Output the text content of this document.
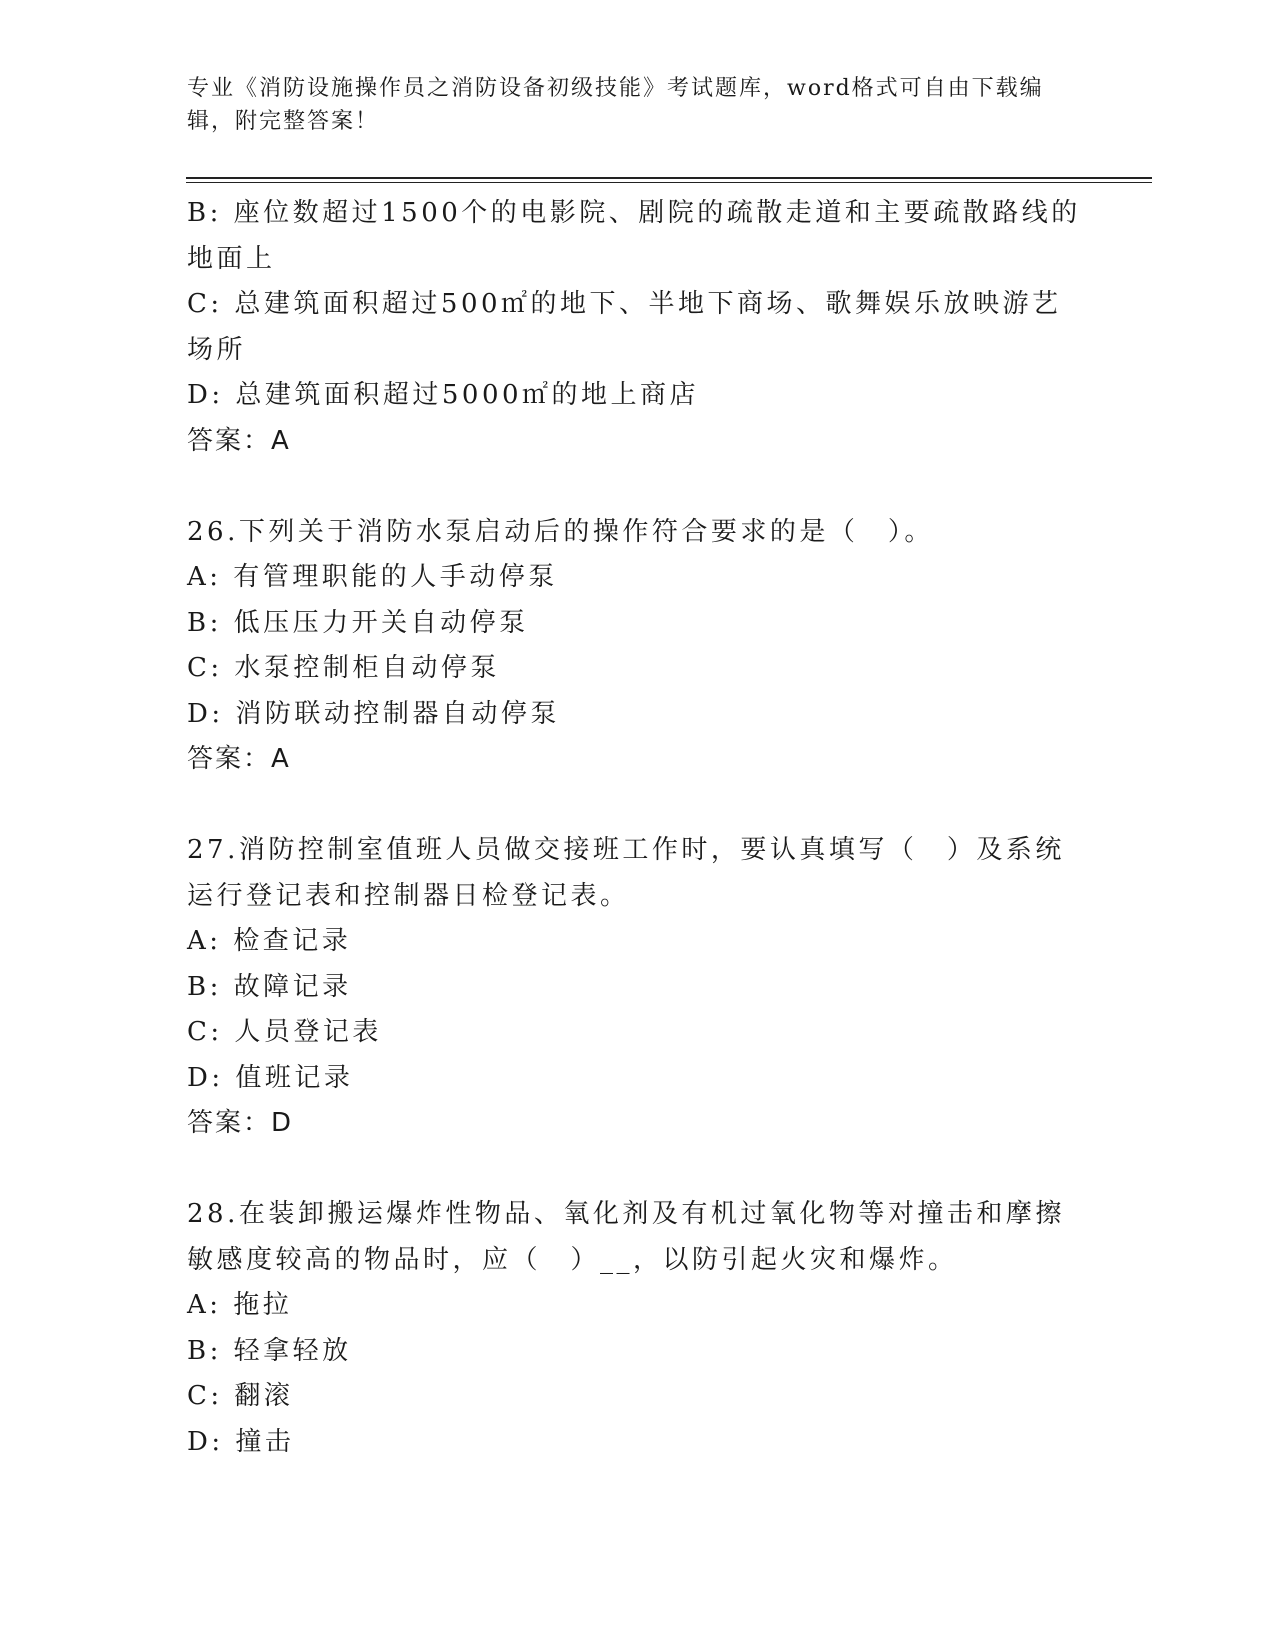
专业《消防设施操作员之消防设备初级技能》考试题库，word格式可自由下载编辑，附完整答案！
B: 座位数超过1500个的电影院、剧院的疏散走道和主要疏散路线的地面上
C: 总建筑面积超过500㎡的地下、半地下商场、歌舞娱乐放映游艺场所
D: 总建筑面积超过5000㎡的地上商店
答案：A
26.下列关于消防水泵启动后的操作符合要求的是（　）。
A: 有管理职能的人手动停泵
B: 低压压力开关自动停泵
C: 水泵控制柜自动停泵
D: 消防联动控制器自动停泵
答案：A
27.消防控制室值班人员做交接班工作时，要认真填写（　）及系统运行登记表和控制器日检登记表。
A: 检查记录
B: 故障记录
C: 人员登记表
D: 值班记录
答案：D
28.在装卸搬运爆炸性物品、氧化剂及有机过氧化物等对撞击和摩擦敏感度较高的物品时，应（　）__，以防引起火灾和爆炸。
A: 拖拉
B: 轻拿轻放
C: 翻滚
D: 撞击
